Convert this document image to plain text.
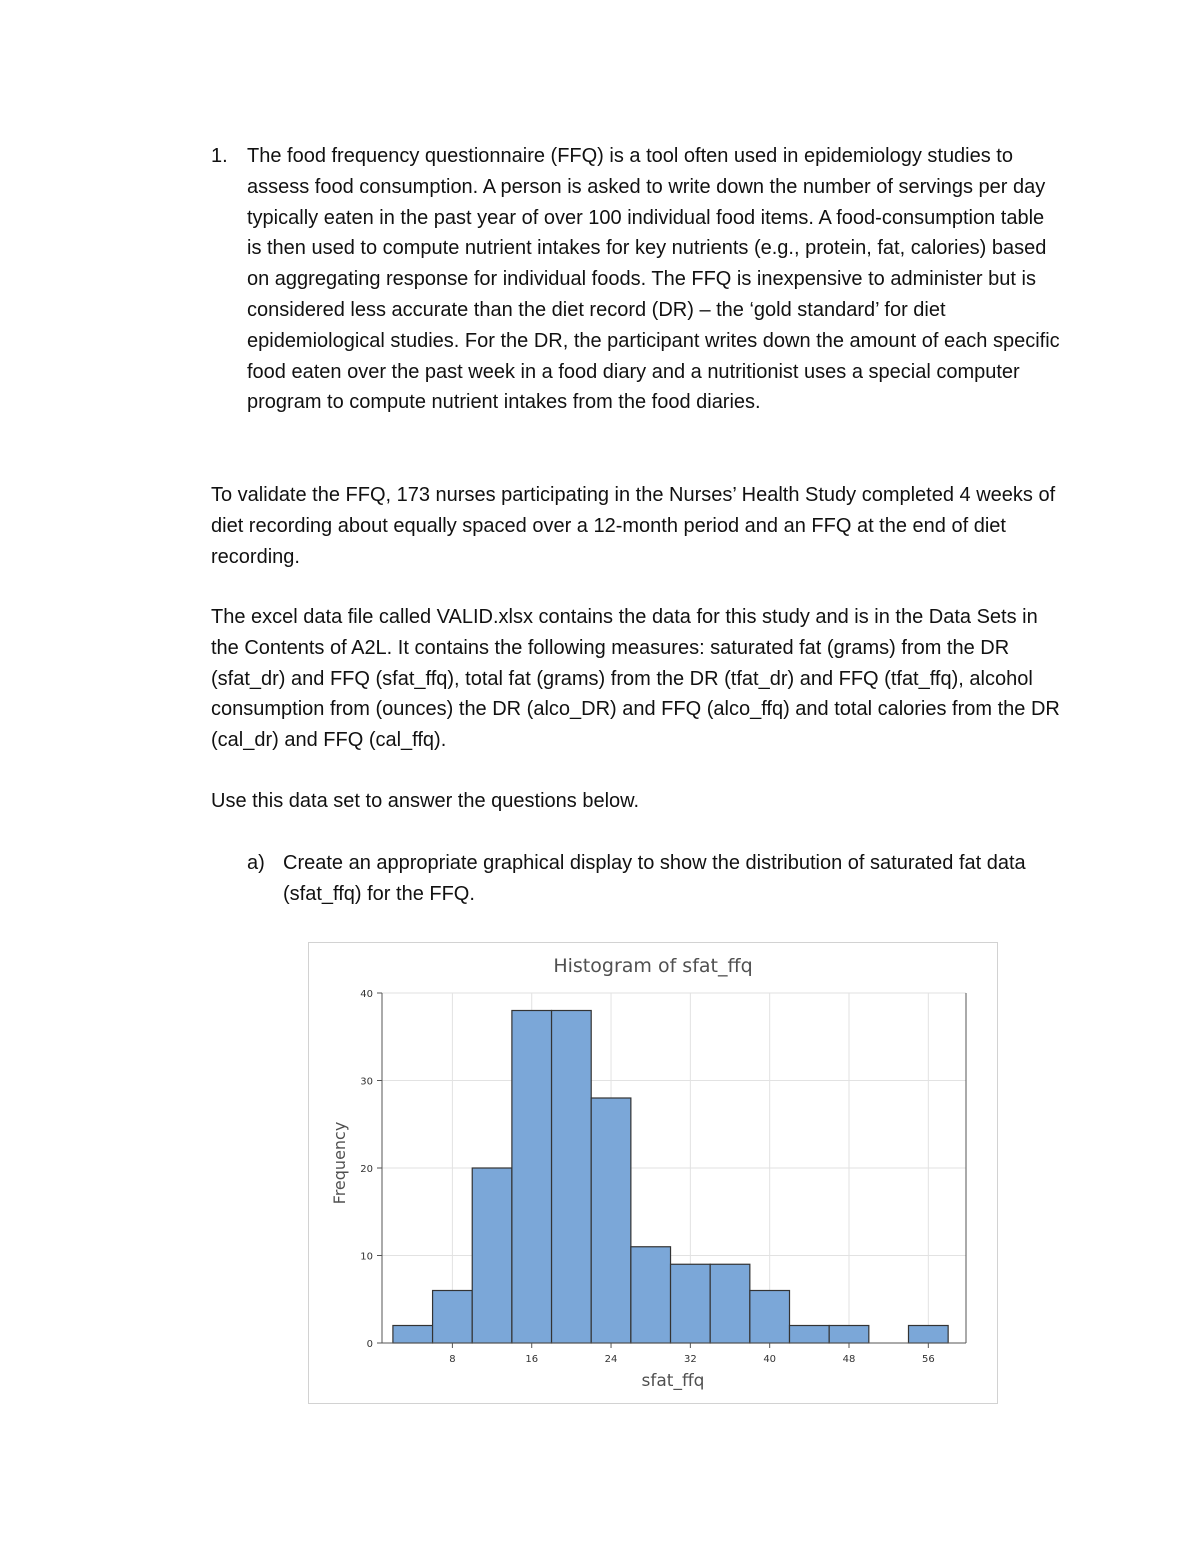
1. The food frequency questionnaire (FFQ) is a tool often used in epidemiology studies to assess food consumption. A person is asked to write down the number of servings per day typically eaten in the past year of over 100 individual food items. A food-consumption table is then used to compute nutrient intakes for key nutrients (e.g., protein, fat, calories) based on aggregating response for individual foods. The FFQ is inexpensive to administer but is considered less accurate than the diet record (DR) – the ‘gold standard’ for diet epidemiological studies. For the DR, the participant writes down the amount of each specific food eaten over the past week in a food diary and a nutritionist uses a special computer program to compute nutrient intakes from the food diaries.

To validate the FFQ, 173 nurses participating in the Nurses’ Health Study completed 4 weeks of diet recording about equally spaced over a 12-month period and an FFQ at the end of diet recording.

The excel data file called VALID.xlsx contains the data for this study and is in the Data Sets in the Contents of A2L. It contains the following measures: saturated fat (grams) from the DR (sfat_dr) and FFQ (sfat_ffq), total fat (grams) from the DR (tfat_dr) and FFQ (tfat_ffq), alcohol consumption from (ounces) the DR (alco_DR) and FFQ (alco_ffq) and total calories from the DR (cal_dr) and FFQ (cal_ffq).

Use this data set to answer the questions below.

a) Create an appropriate graphical display to show the distribution of saturated fat data (sfat_ffq) for the FFQ.
0
10
20
30
40
8	16	24	32	40	48	56
Histogram of sfat_ffq
sfat_ffq
Frequency
